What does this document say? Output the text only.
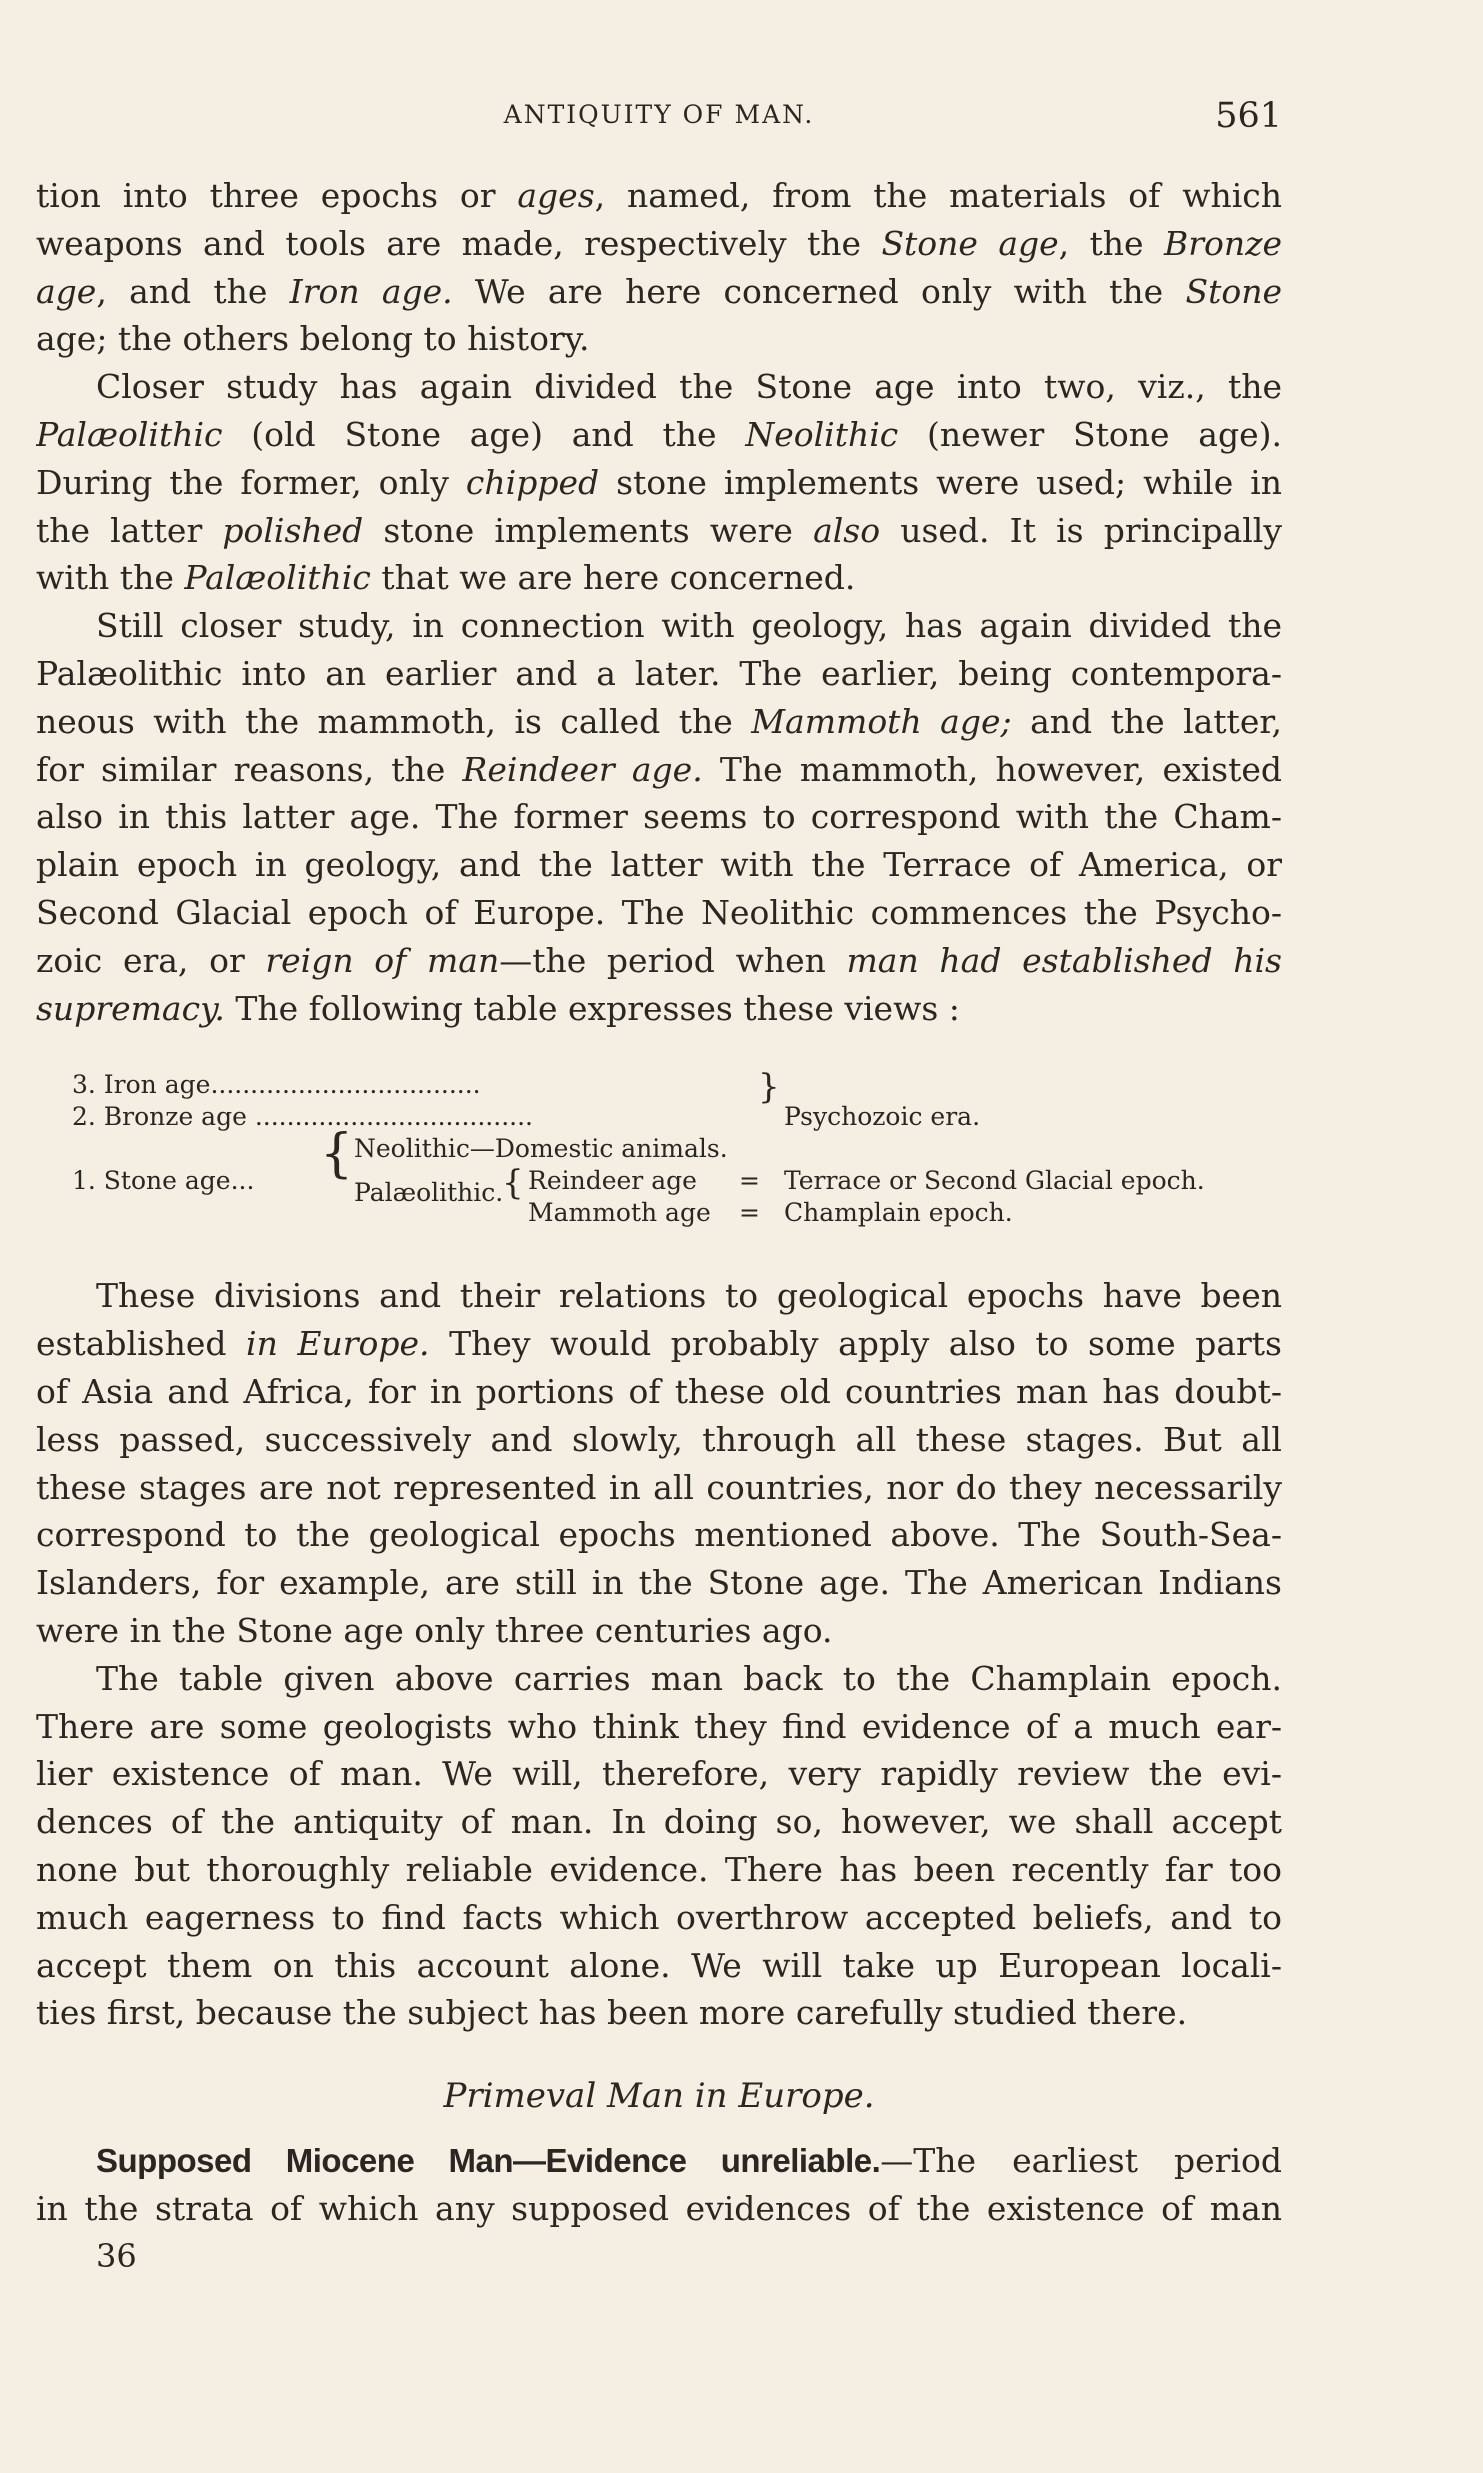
ANTIQUITY OF MAN.	561
tion into three epochs or ages, named, from the materials of which
weapons and tools are made, respectively the Stone age, the Bronze
age, and the Iron age. We are here concerned only with the Stone
age; the others belong to history.
Closer study has again divided the Stone age into two, viz., the
Palæolithic (old Stone age) and the Neolithic (newer Stone age).
During the former, only chipped stone implements were used; while in
the latter polished stone implements were also used. It is principally
with the Palæolithic that we are here concerned.
Still closer study, in connection with geology, has again divided the
Palæolithic into an earlier and a later. The earlier, being contempora-
neous with the mammoth, is called the Mammoth age; and the latter,
for similar reasons, the Reindeer age. The mammoth, however, existed
also in this latter age. The former seems to correspond with the Cham-
plain epoch in geology, and the latter with the Terrace of America, or
Second Glacial epoch of Europe. The Neolithic commences the Psycho-
zoic era, or reign of man—the period when man had established his
supremacy. The following table expresses these views :
3. Iron age..................................
2. Bronze age ...................................
}
Psychozoic era.
{ Neolithic—Domestic animals.
1. Stone age...	Palæolithic.
{ Reindeer age = Terrace or Second Glacial epoch.
Mammoth age = Champlain epoch.
These divisions and their relations to geological epochs have been
established in Europe. They would probably apply also to some parts
of Asia and Africa, for in portions of these old countries man has doubt-
less passed, successively and slowly, through all these stages. But all
these stages are not represented in all countries, nor do they necessarily
correspond to the geological epochs mentioned above. The South-Sea-
Islanders, for example, are still in the Stone age. The American Indians
were in the Stone age only three centuries ago.
The table given above carries man back to the Champlain epoch.
There are some geologists who think they find evidence of a much ear-
lier existence of man. We will, therefore, very rapidly review the evi-
dences of the antiquity of man. In doing so, however, we shall accept
none but thoroughly reliable evidence. There has been recently far too
much eagerness to find facts which overthrow accepted beliefs, and to
accept them on this account alone. We will take up European locali-
ties first, because the subject has been more carefully studied there.
Primeval Man in Europe.
Supposed Miocene Man—Evidence unreliable.—The earliest period
in the strata of which any supposed evidences of the existence of man
36
